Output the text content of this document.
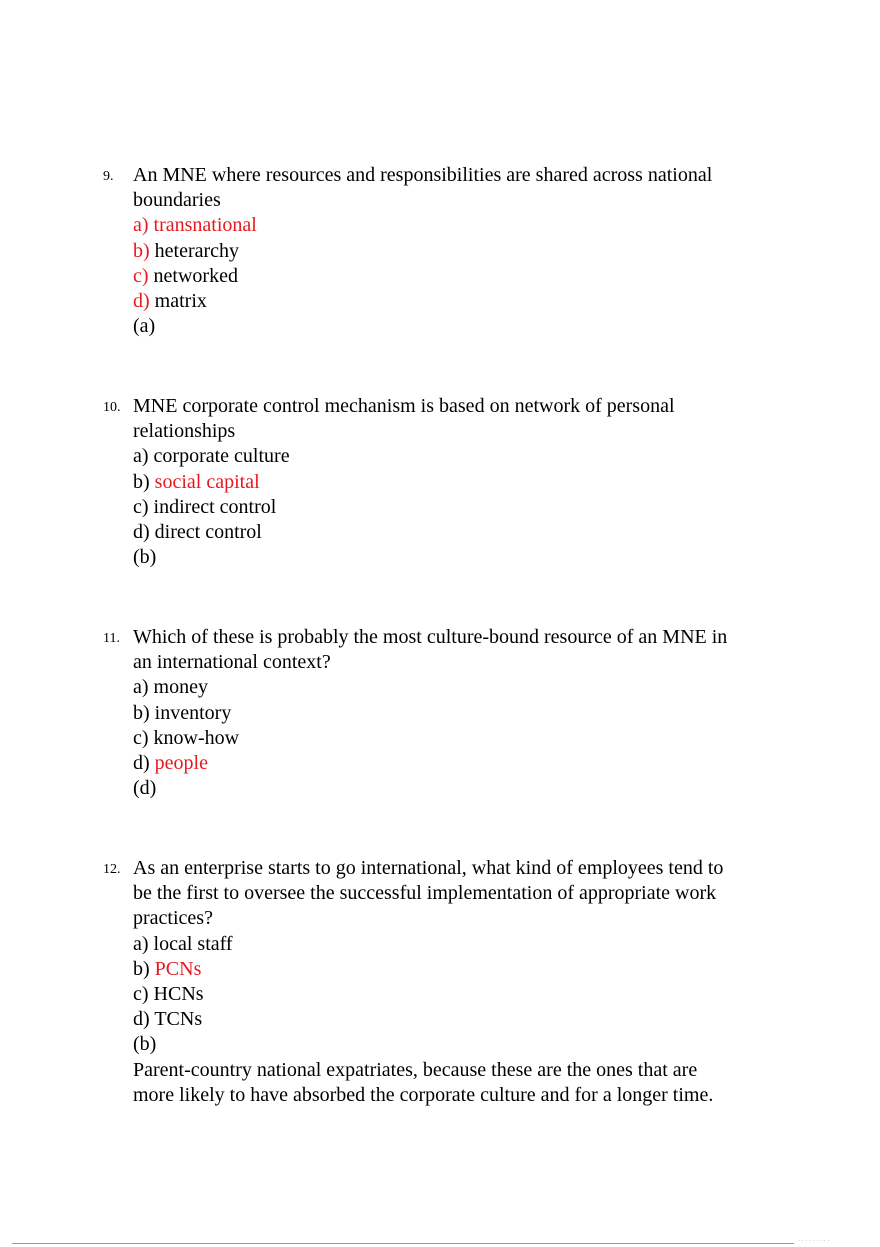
9. An MNE where resources and responsibilities are shared across national
boundaries
a) transnational
b) heterarchy
c) networked
d) matrix
(a)
10. MNE corporate control mechanism is based on network of personal
relationships
a) corporate culture
b) social capital
c) indirect control
d) direct control
(b)
11. Which of these is probably the most culture-bound resource of an MNE in
an international context?
a) money
b) inventory
c) know-how
d) people
(d)
12. As an enterprise starts to go international, what kind of employees tend to
be the first to oversee the successful implementation of appropriate work
practices?
a) local staff
b) PCNs
c) HCNs
d) TCNs
(b)
Parent-country national expatriates, because these are the ones that are
more likely to have absorbed the corporate culture and for a longer time.
· · · · · · · · ·
